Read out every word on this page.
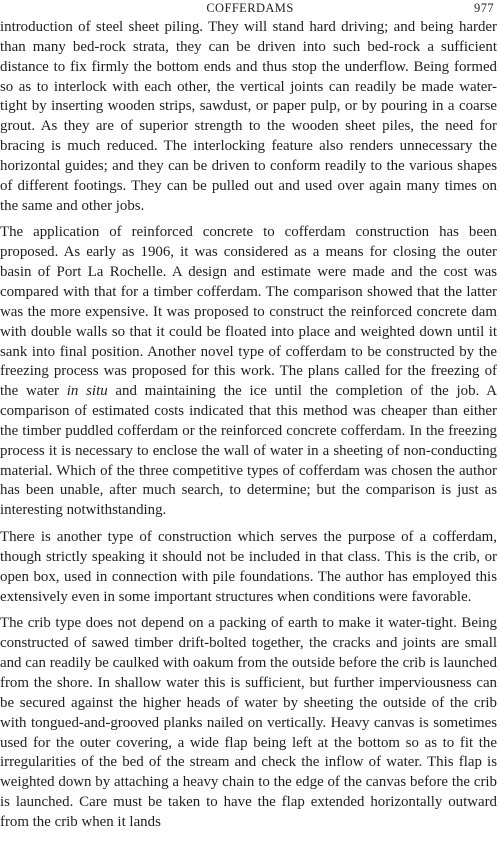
COFFERDAMS	977

introduction of steel sheet piling. They will stand hard driving; and being harder than many bed-rock strata, they can be driven into such bed-rock a sufficient distance to fix firmly the bottom ends and thus stop the underflow. Being formed so as to interlock with each other, the vertical joints can readily be made water-tight by inserting wooden strips, sawdust, or paper pulp, or by pouring in a coarse grout. As they are of superior strength to the wooden sheet piles, the need for bracing is much reduced. The interlocking feature also renders unnecessary the horizontal guides; and they can be driven to conform readily to the various shapes of different footings. They can be pulled out and used over again many times on the same and other jobs.

The application of reinforced concrete to cofferdam construction has been proposed. As early as 1906, it was considered as a means for closing the outer basin of Port La Rochelle. A design and estimate were made and the cost was compared with that for a timber cofferdam. The comparison showed that the latter was the more expensive. It was proposed to construct the reinforced concrete dam with double walls so that it could be floated into place and weighted down until it sank into final position. Another novel type of cofferdam to be constructed by the freezing process was proposed for this work. The plans called for the freezing of the water in situ and maintaining the ice until the completion of the job. A comparison of estimated costs indicated that this method was cheaper than either the timber puddled cofferdam or the reinforced concrete cofferdam. In the freezing process it is necessary to enclose the wall of water in a sheeting of non-conducting material. Which of the three competitive types of cofferdam was chosen the author has been unable, after much search, to determine; but the comparison is just as interesting notwithstanding.

There is another type of construction which serves the purpose of a cofferdam, though strictly speaking it should not be included in that class. This is the crib, or open box, used in connection with pile foundations. The author has employed this extensively even in some important structures when conditions were favorable.

The crib type does not depend on a packing of earth to make it water-tight. Being constructed of sawed timber drift-bolted together, the cracks and joints are small and can readily be caulked with oakum from the outside before the crib is launched from the shore. In shallow water this is sufficient, but further imperviousness can be secured against the higher heads of water by sheeting the outside of the crib with tongued-and-grooved planks nailed on vertically. Heavy canvas is sometimes used for the outer covering, a wide flap being left at the bottom so as to fit the irregularities of the bed of the stream and check the inflow of water. This flap is weighted down by attaching a heavy chain to the edge of the canvas before the crib is launched. Care must be taken to have the flap extended horizontally outward from the crib when it lands
